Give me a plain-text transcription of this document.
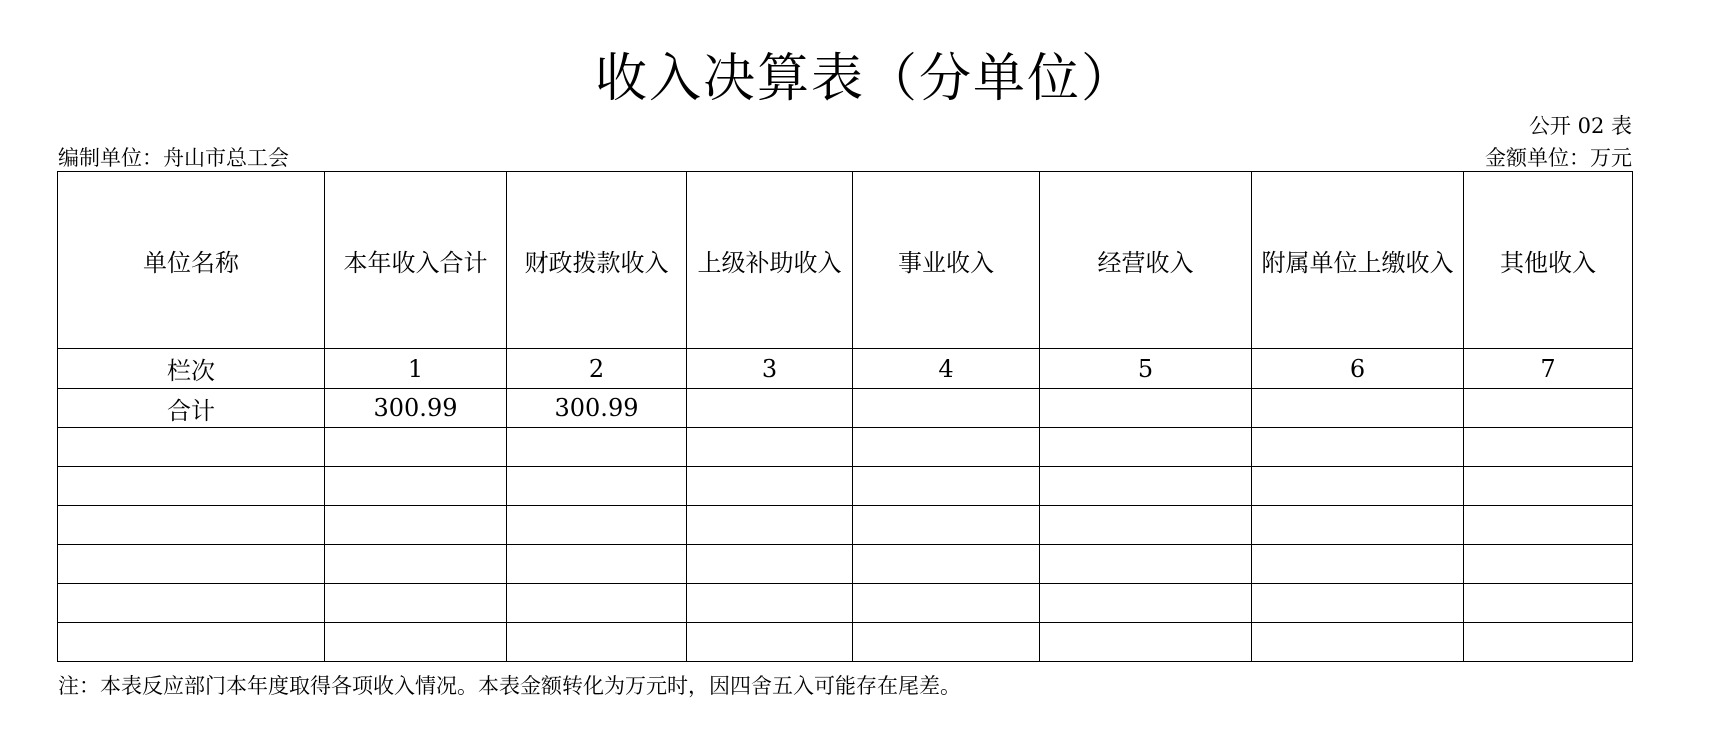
收入决算表（分单位）
公开 02 表
编制单位：舟山市总工会	金额单位：万元
单位名称	本年收入合计	财政拨款收入	上级补助收入	事业收入	经营收入	附属单位上缴收入	其他收入
栏次	1	2	3	4	5	6	7
合计	300.99	300.99					

注：本表反应部门本年度取得各项收入情况。本表金额转化为万元时，因四舍五入可能存在尾差。
